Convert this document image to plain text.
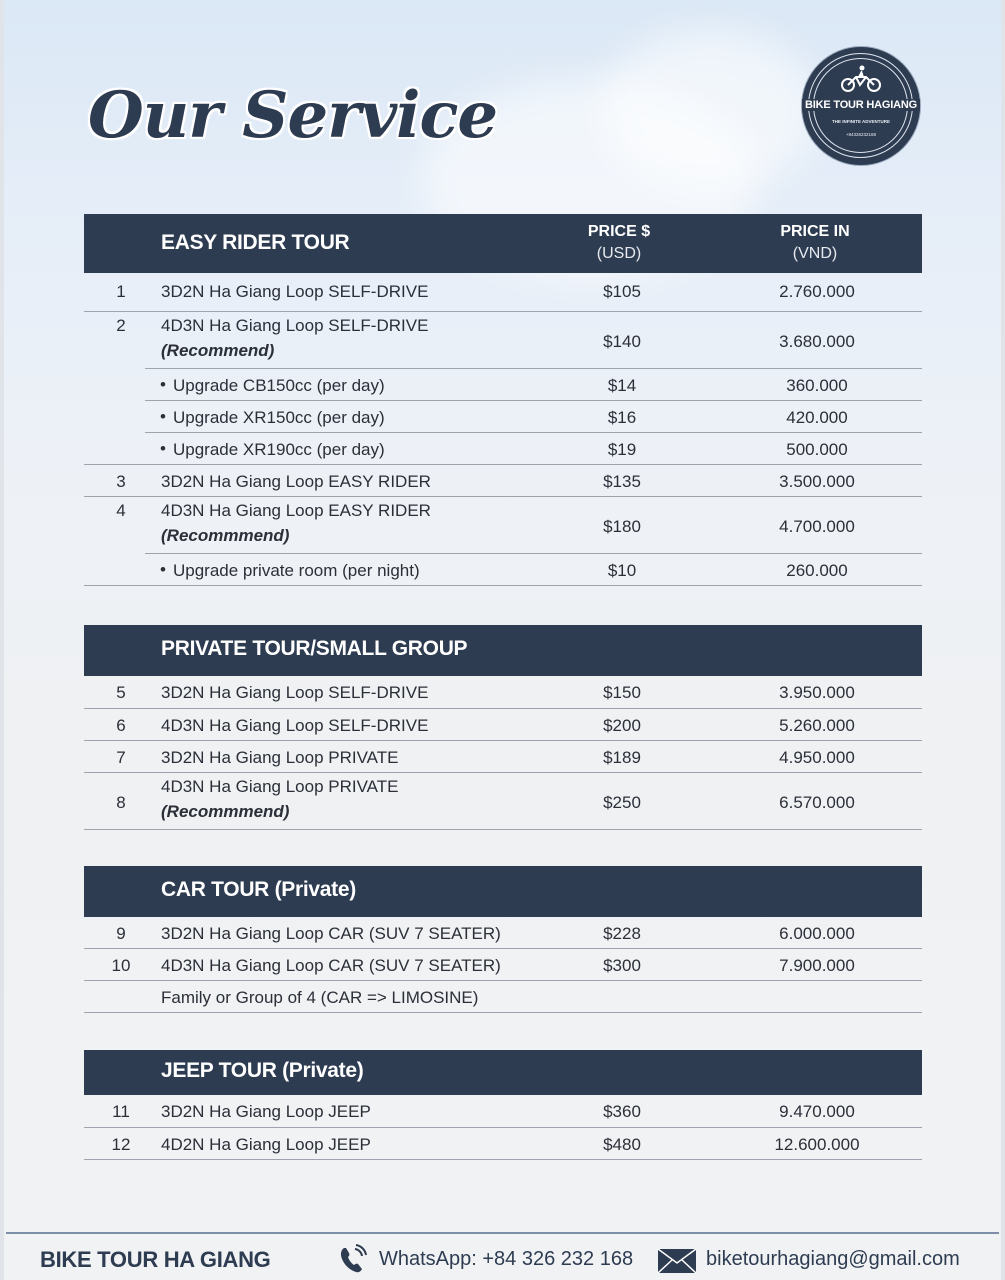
Our Service	BIKE TOUR HAGIANG
THE INFINITE ADVENTURE
+84326232168
EASY RIDER TOUR	PRICE $
(USD)
PRICE IN
(VND)
1	3D2N Ha Giang Loop SELF-DRIVE	$105	2.760.000
2	4D3N Ha Giang Loop SELF-DRIVE
(Recommend)	$140	3.680.000
• Upgrade CB150cc (per day)	$14	360.000
• Upgrade XR150cc (per day)	$16	420.000
• Upgrade XR190cc (per day)	$19	500.000
3	3D2N Ha Giang Loop EASY RIDER	$135	3.500.000
4	4D3N Ha Giang Loop EASY RIDER
(Recommmend)	$180	4.700.000
• Upgrade private room (per night)	$10	260.000
PRIVATE TOUR/SMALL GROUP
5	3D2N Ha Giang Loop SELF-DRIVE	$150	3.950.000
6	4D3N Ha Giang Loop SELF-DRIVE	$200	5.260.000
7	3D2N Ha Giang Loop PRIVATE	$189	4.950.000
8
4D3N Ha Giang Loop PRIVATE
(Recommmend)	$250	6.570.000
CAR TOUR (Private)
9	3D2N Ha Giang Loop CAR (SUV 7 SEATER)	$228	6.000.000
10	4D3N Ha Giang Loop CAR (SUV 7 SEATER)	$300	7.900.000
Family or Group of 4 (CAR => LIMOSINE)
JEEP TOUR (Private)
11	3D2N Ha Giang Loop JEEP	$360	9.470.000
12	4D2N Ha Giang Loop JEEP	$480	12.600.000
BIKE TOUR HA GIANG	WhatsApp: +84 326 232 168	biketourhagiang@gmail.com
